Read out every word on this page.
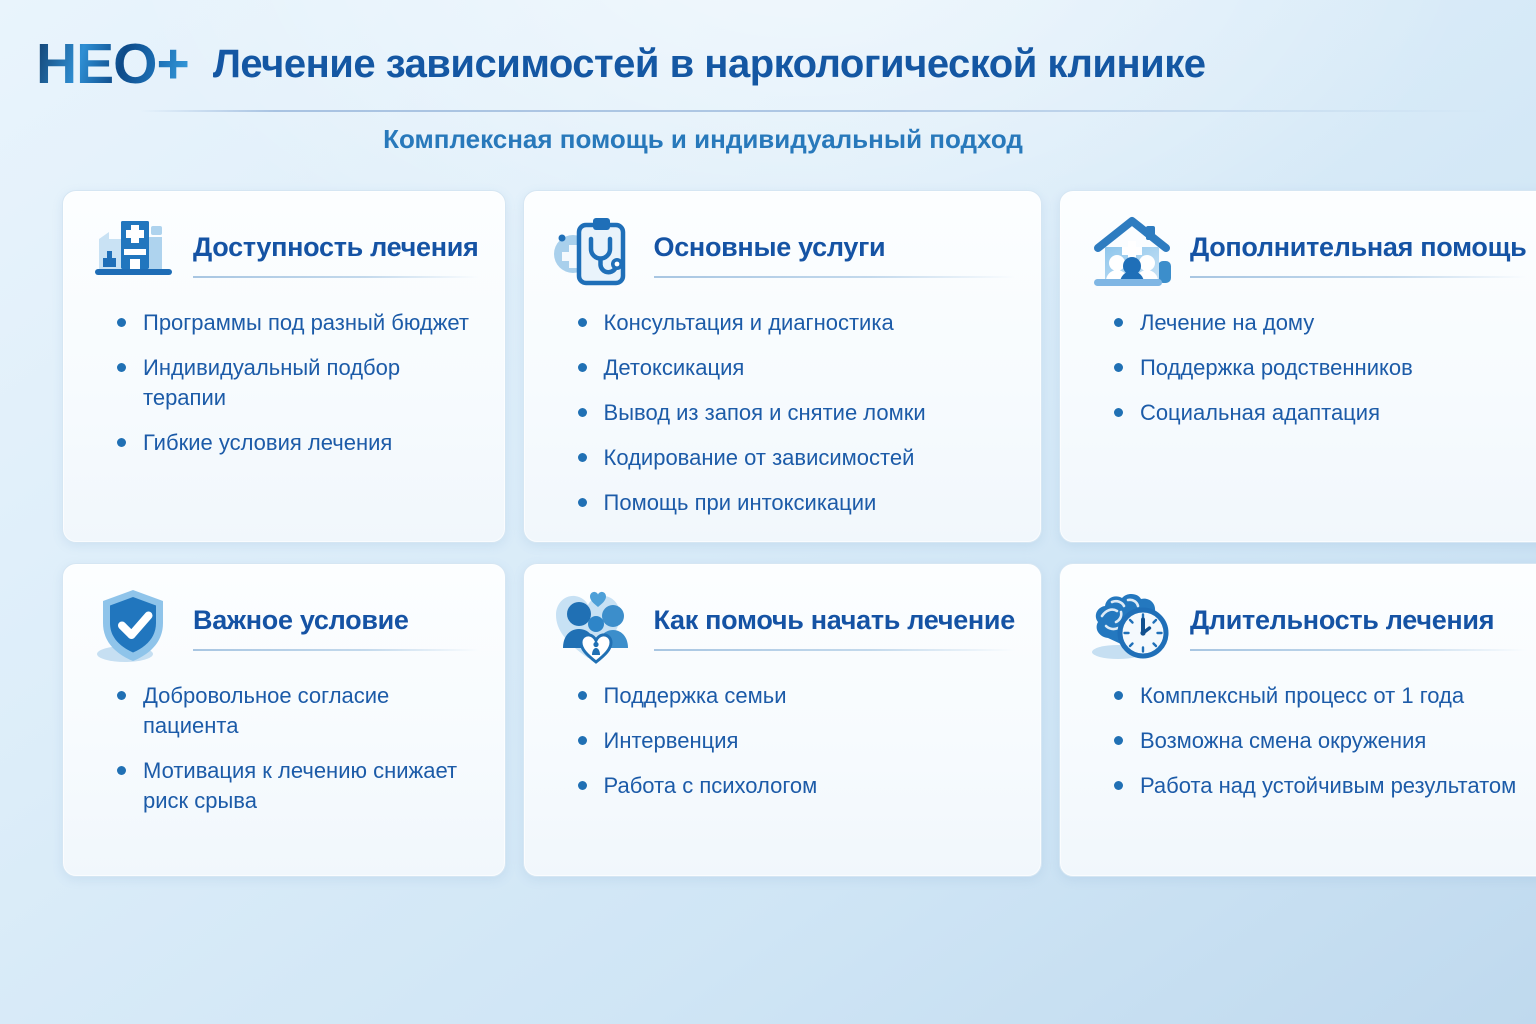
НЕО+ Лечение зависимостей в наркологической клинике
Комплексная помощь и индивидуальный подход
Доступность лечения
Программы под разный бюджет
Индивидуальный подбор терапии
Гибкие условия лечения
Основные услуги
Консультация и диагностика
Детоксикация
Вывод из запоя и снятие ломки
Кодирование от зависимостей
Помощь при интоксикации
Дополнительная помощь
Лечение на дому
Поддержка родственников
Социальная адаптация
Важное условие
Добровольное согласие пациента
Мотивация к лечению снижает риск срыва
Как помочь начать лечение
Поддержка семьи
Интервенция
Работа с психологом
Длительность лечения
Комплексный процесс от 1 года
Возможна смена окружения
Работа над устойчивым результатом
